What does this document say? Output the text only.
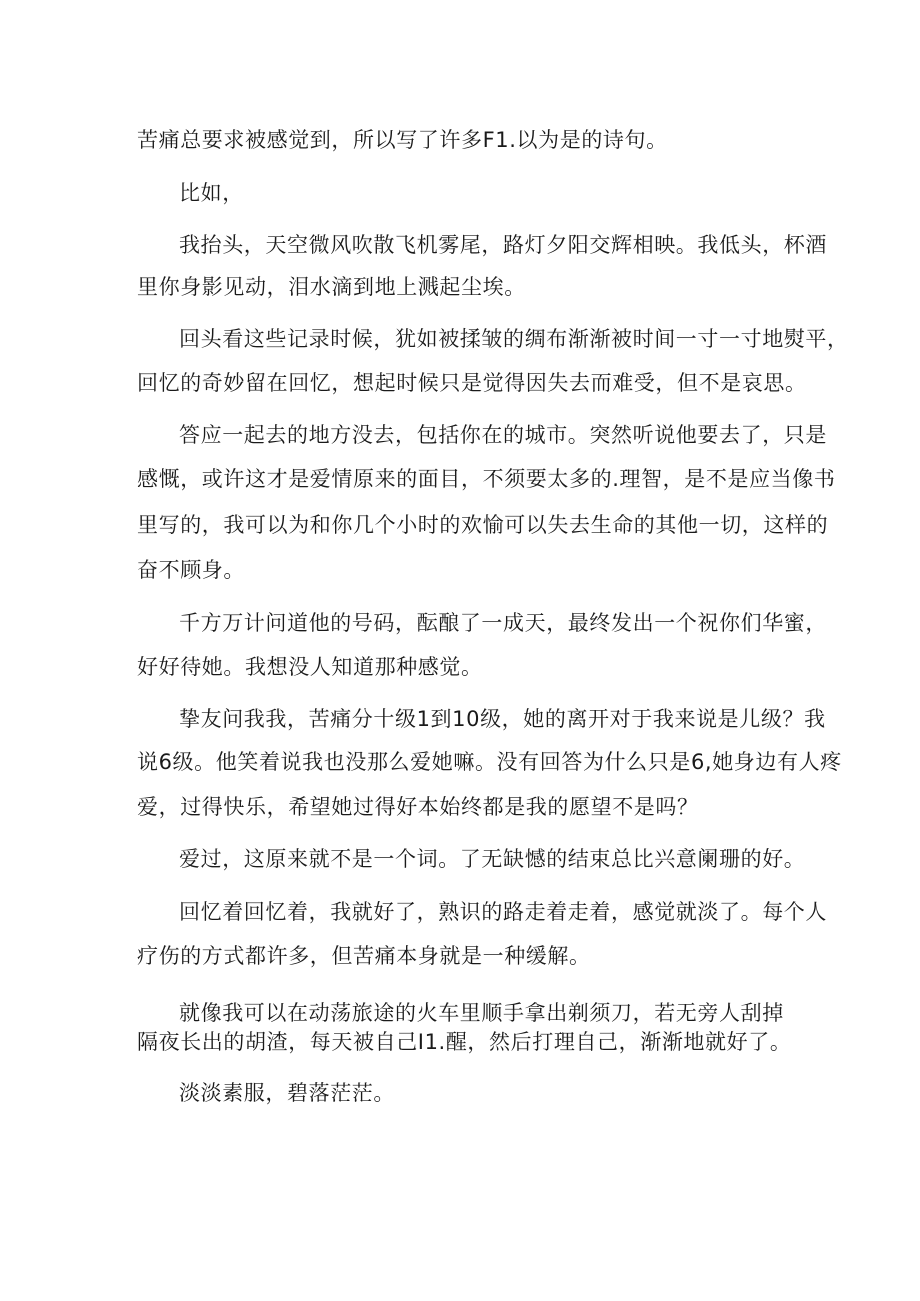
苦痛总要求被感觉到，所以写了许多F1.以为是的诗句。
比如，
我抬头，天空微风吹散飞机雾尾，路灯夕阳交辉相映。我低头，杯酒
里你身影见动，泪水滴到地上溅起尘埃。
回头看这些记录时候，犹如被揉皱的绸布渐渐被时间一寸一寸地熨平，
回忆的奇妙留在回忆，想起时候只是觉得因失去而难受，但不是哀思。
答应一起去的地方没去，包括你在的城市。突然听说他要去了，只是
感慨，或许这才是爱情原来的面目，不须要太多的.理智，是不是应当像书
里写的，我可以为和你几个小时的欢愉可以失去生命的其他一切，这样的
奋不顾身。
千方万计问道他的号码，酝酿了一成天，最终发出一个祝你们华蜜，
好好待她。我想没人知道那种感觉。
挚友问我我，苦痛分十级1到10级，她的离开对于我来说是儿级？我
说6级。他笑着说我也没那么爱她嘛。没有回答为什么只是6,她身边有人疼
爱，过得快乐，希望她过得好本始终都是我的愿望不是吗？
爱过，这原来就不是一个词。了无缺憾的结束总比兴意阑珊的好。
回忆着回忆着，我就好了，熟识的路走着走着，感觉就淡了。每个人
疗伤的方式都许多，但苦痛本身就是一种缓解。
就像我可以在动荡旅途的火车里顺手拿出剃须刀，若无旁人刮掉
隔夜长出的胡渣，每天被自己I1.醒，然后打理自己，渐渐地就好了。
淡淡素服，碧落茫茫。
